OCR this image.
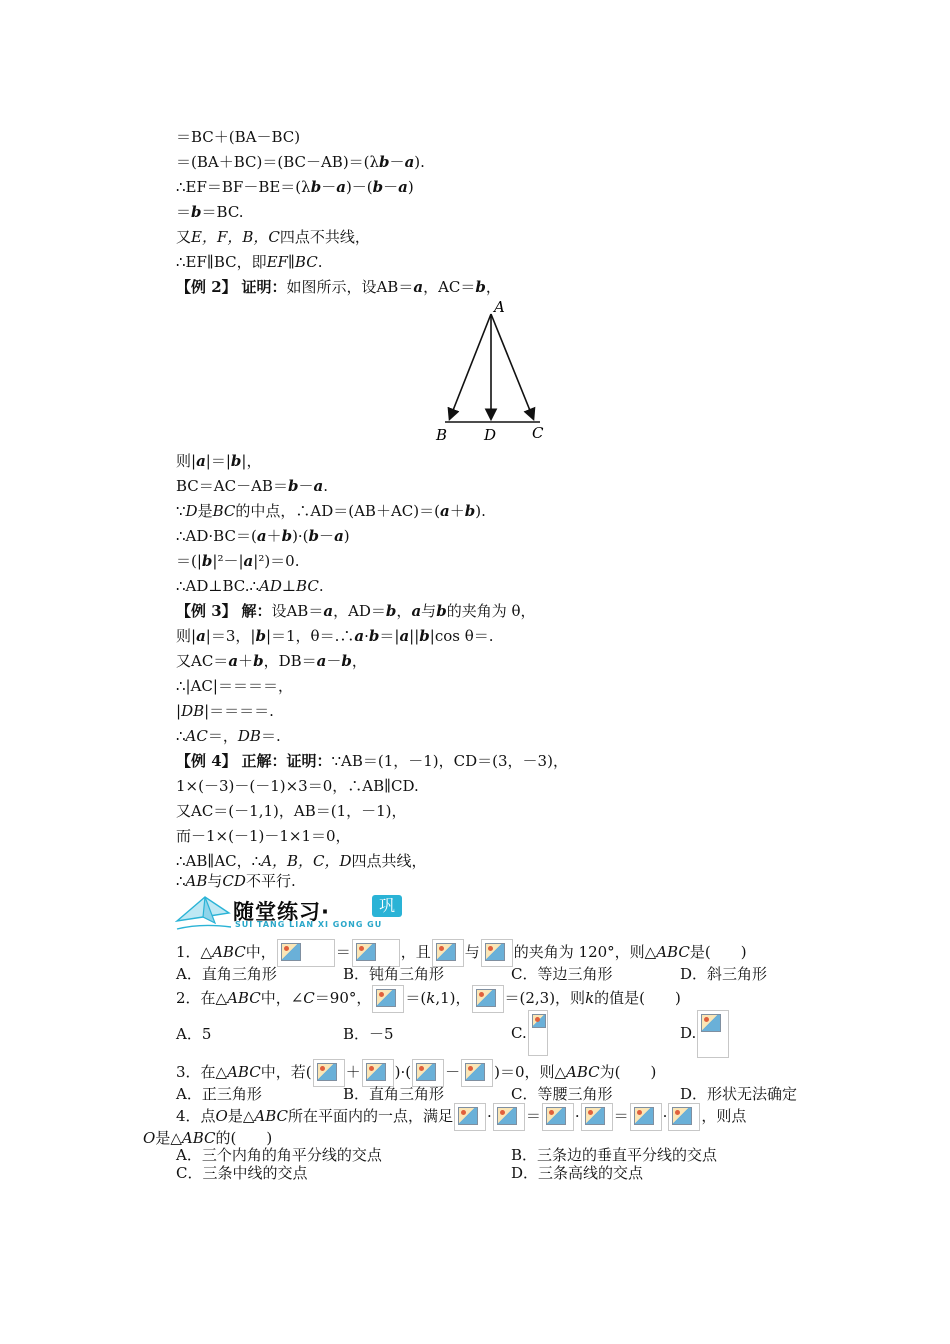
＝BC＋(BA－BC)
＝(BA＋BC)＝(BC－AB)＝(λb－a).
∴EF＝BF－BE＝(λb－a)－(b－a)
＝b＝BC.
又E，F，B，C四点不共线，
∴EF∥BC，即EF∥BC.
【例 2】 证明：如图所示，设AB＝a，AC＝b，
A
B D C
则|a|＝|b|，
BC＝AC－AB＝b－a.
∵D是BC的中点，∴AD＝(AB＋AC)＝(a＋b).
∴AD·BC＝(a＋b)·(b－a)
＝(|b|²－|a|²)＝0.
∴AD⊥BC.∴AD⊥BC.
【例 3】 解：设AB＝a，AD＝b，a与b的夹角为 θ，
则|a|＝3，|b|＝1，θ＝.∴a·b＝|a||b|cos θ＝.
又AC＝a＋b，DB＝a－b，
∴|AC|＝＝＝＝，
|DB|＝＝＝＝.
∴AC＝，DB＝.
【例 4】 正解：证明：∵AB＝(1，－1)，CD＝(3，－3)，
1×(－3)－(－1)×3＝0，∴AB∥CD.
又AC＝(－1,1)，AB＝(1，－1)，
而－1×(－1)－1×1＝0，
∴AB∥AC，∴A，B，C，D四点共线，
∴AB与CD不平行.
随堂练习·	巩固
SUI TANG LIAN XI GONG GU
1．△ABC中，	＝	，且 与 的夹角为 120°，则△ABC是(　　)
A．直角三角形	B．钝角三角形	C．等边三角形	D．斜三角形
2．在△ABC中，∠C＝90°， ＝(k,1)， ＝(2,3)，则k的值是(　　)
A．5	B．－5	C.	D.
3．在△ABC中，若( ＋ )·( － )＝0，则△ABC为(　　)
A．正三角形	B．直角三角形	C．等腰三角形	D．形状无法确定
4．点O是△ABC所在平面内的一点，满足 · ＝ · ＝ · ，则点
O是△ABC的(　　)
A．三个内角的角平分线的交点	B．三条边的垂直平分线的交点
C．三条中线的交点	D．三条高线的交点
